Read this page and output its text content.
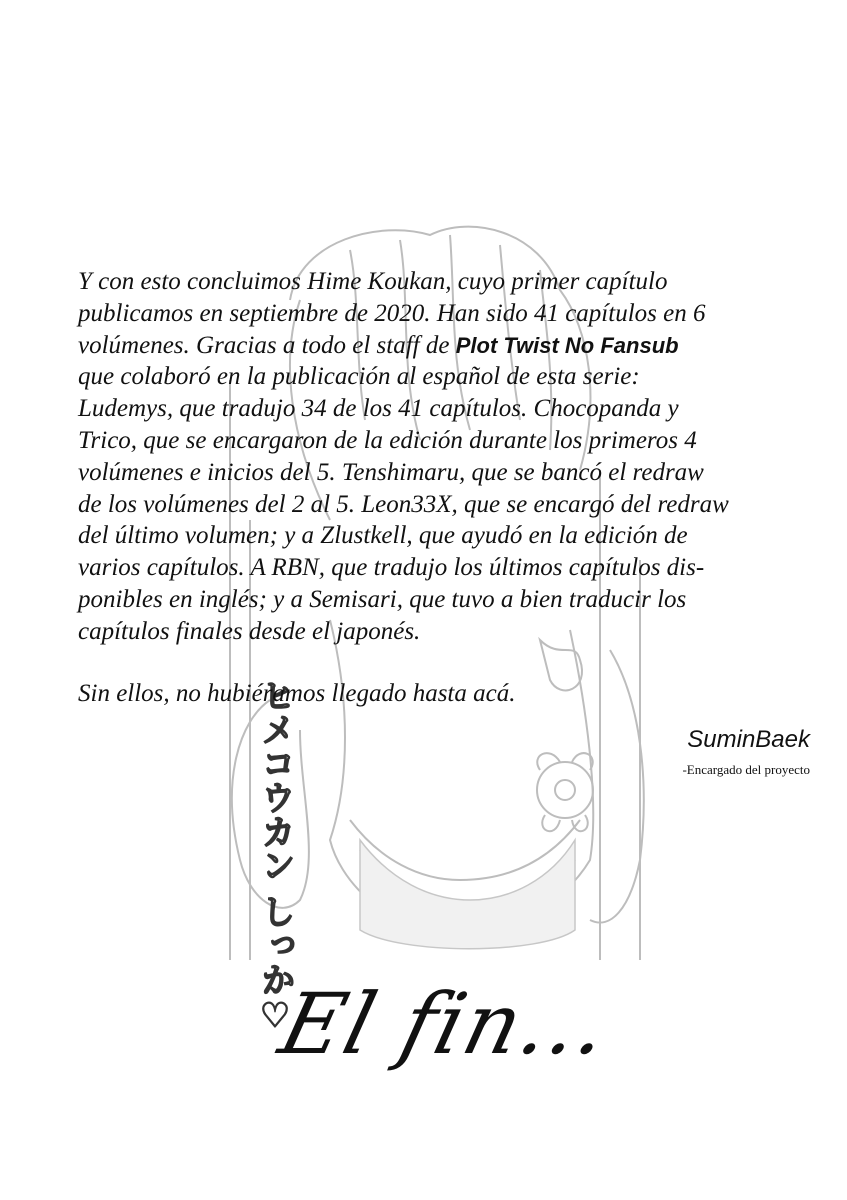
ヒメコウカン しっか♡
Y con esto concluimos Hime Koukan, cuyo primer capítulo
publicamos en septiembre de 2020. Han sido 41 capítulos en 6
volúmenes. Gracias a todo el staff de Plot Twist No Fansub
que colaboró en la publicación al español de esta serie:
Ludemys, que tradujo 34 de los 41 capítulos. Chocopanda y
Trico, que se encargaron de la edición durante los primeros 4
volúmenes e inicios del 5. Tenshimaru, que se bancó el redraw
de los volúmenes del 2 al 5. Leon33X, que se encargó del redraw
del último volumen; y a Zlustkell, que ayudó en la edición de
varios capítulos. A RBN, que tradujo los últimos capítulos dis-
ponibles en inglés; y a Semisari, que tuvo a bien traducir los
capítulos finales desde el japonés.
Sin ellos, no hubiéramos llegado hasta acá.
SuminBaek
-Encargado del proyecto
El fin...
